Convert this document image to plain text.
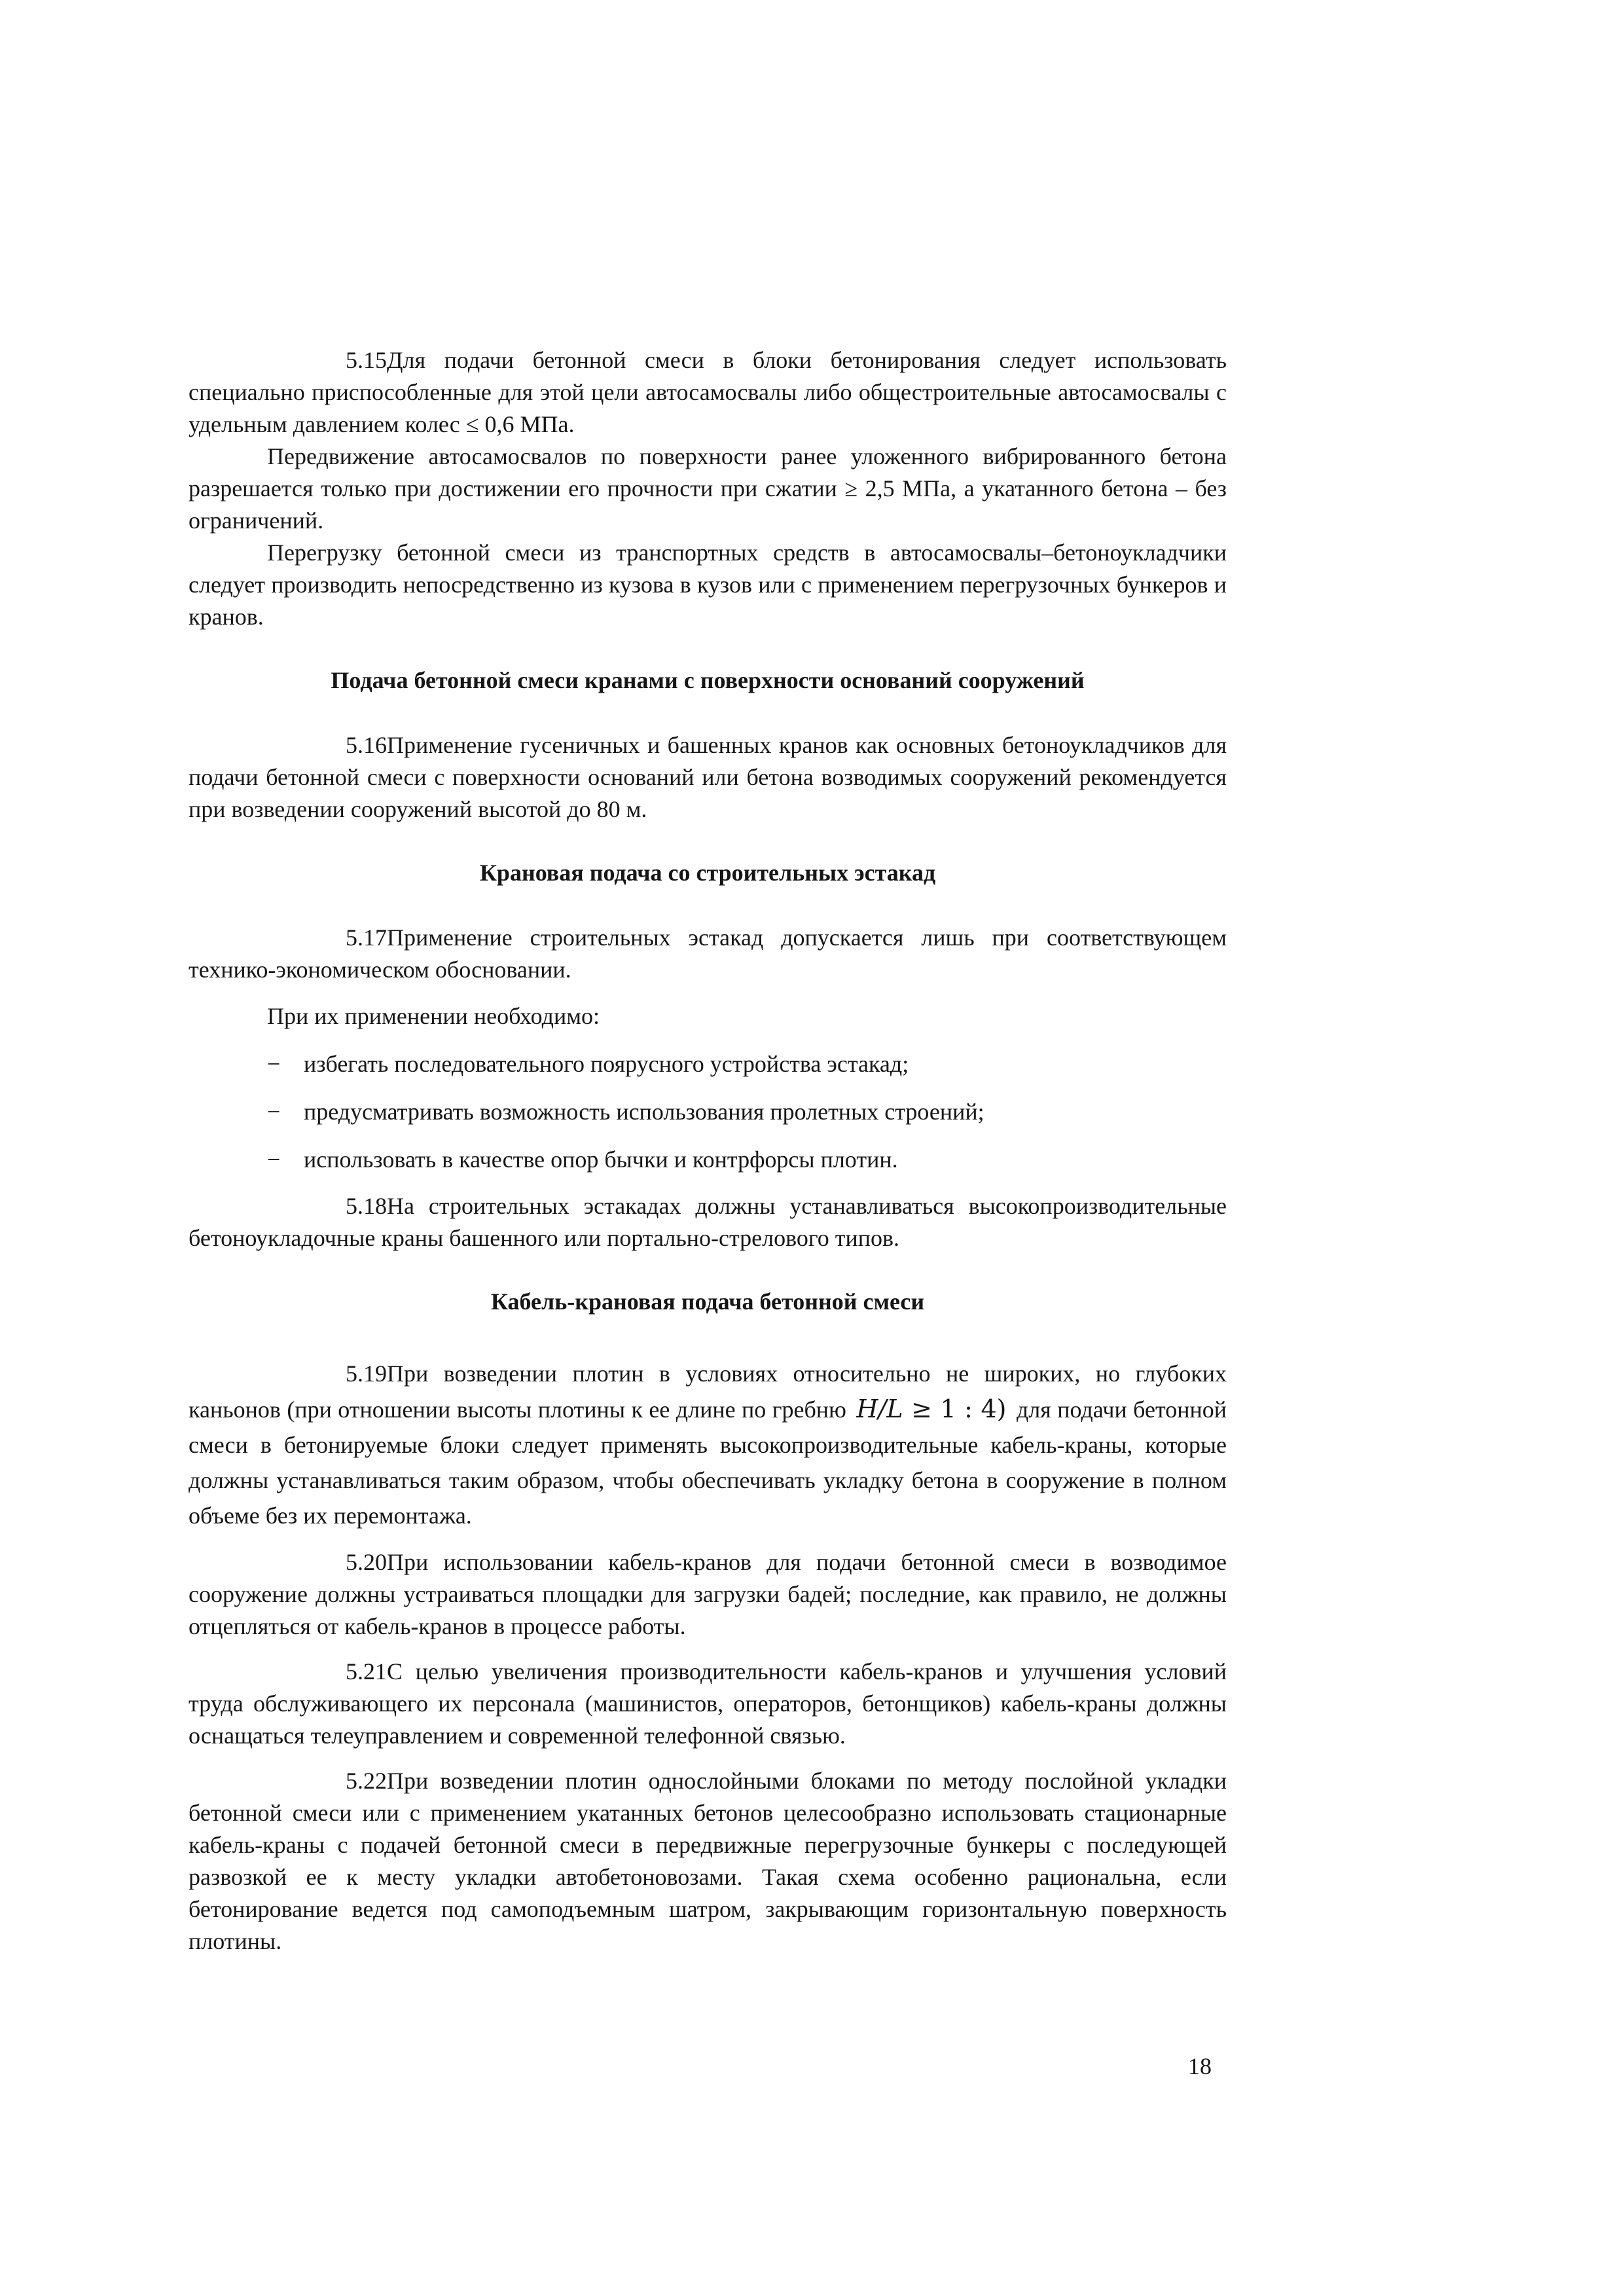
5.15Для подачи бетонной смеси в блоки бетонирования следует использовать специально приспособленные для этой цели автосамосвалы либо общестроительные автосамосвалы с удельным давлением колес ≤ 0,6 МПа.

Передвижение автосамосвалов по поверхности ранее уложенного вибрированного бетона разрешается только при достижении его прочности при сжатии ≥ 2,5 МПа, а укатанного бетона – без ограничений.

Перегрузку бетонной смеси из транспортных средств в автосамосвалы–бетоноукладчики следует производить непосредственно из кузова в кузов или с применением перегрузочных бункеров и кранов.

Подача бетонной смеси кранами с поверхности оснований сооружений

5.16Применение гусеничных и башенных кранов как основных бетоноукладчиков для подачи бетонной смеси с поверхности оснований или бетона возводимых сооружений рекомендуется при возведении сооружений высотой до 80 м.

Крановая подача со строительных эстакад

5.17Применение строительных эстакад допускается лишь при соответствующем технико-экономическом обосновании.

При их применении необходимо:

− избегать последовательного поярусного устройства эстакад;
− предусматривать возможность использования пролетных строений;
− использовать в качестве опор бычки и контрфорсы плотин.

5.18На строительных эстакадах должны устанавливаться высокопроизводительные бетоноукладочные краны башенного или портально-стрелового типов.

Кабель-крановая подача бетонной смеси

5.19При возведении плотин в условиях относительно не широких, но глубоких каньонов (при отношении высоты плотины к ее длине по гребню H/L ≥ 1 : 4) для подачи бетонной смеси в бетонируемые блоки следует применять высокопроизводительные кабель-краны, которые должны устанавливаться таким образом, чтобы обеспечивать укладку бетона в сооружение в полном объеме без их перемонтажа.

5.20При использовании кабель-кранов для подачи бетонной смеси в возводимое сооружение должны устраиваться площадки для загрузки бадей; последние, как правило, не должны отцепляться от кабель-кранов в процессе работы.

5.21С целью увеличения производительности кабель-кранов и улучшения условий труда обслуживающего их персонала (машинистов, операторов, бетонщиков) кабель-краны должны оснащаться телеуправлением и современной телефонной связью.

5.22При возведении плотин однослойными блоками по методу послойной укладки бетонной смеси или с применением укатанных бетонов целесообразно использовать стационарные кабель-краны с подачей бетонной смеси в передвижные перегрузочные бункеры с последующей развозкой ее к месту укладки автобетоновозами. Такая схема особенно рациональна, если бетонирование ведется под самоподъемным шатром, закрывающим горизонтальную поверхность плотины.

18
